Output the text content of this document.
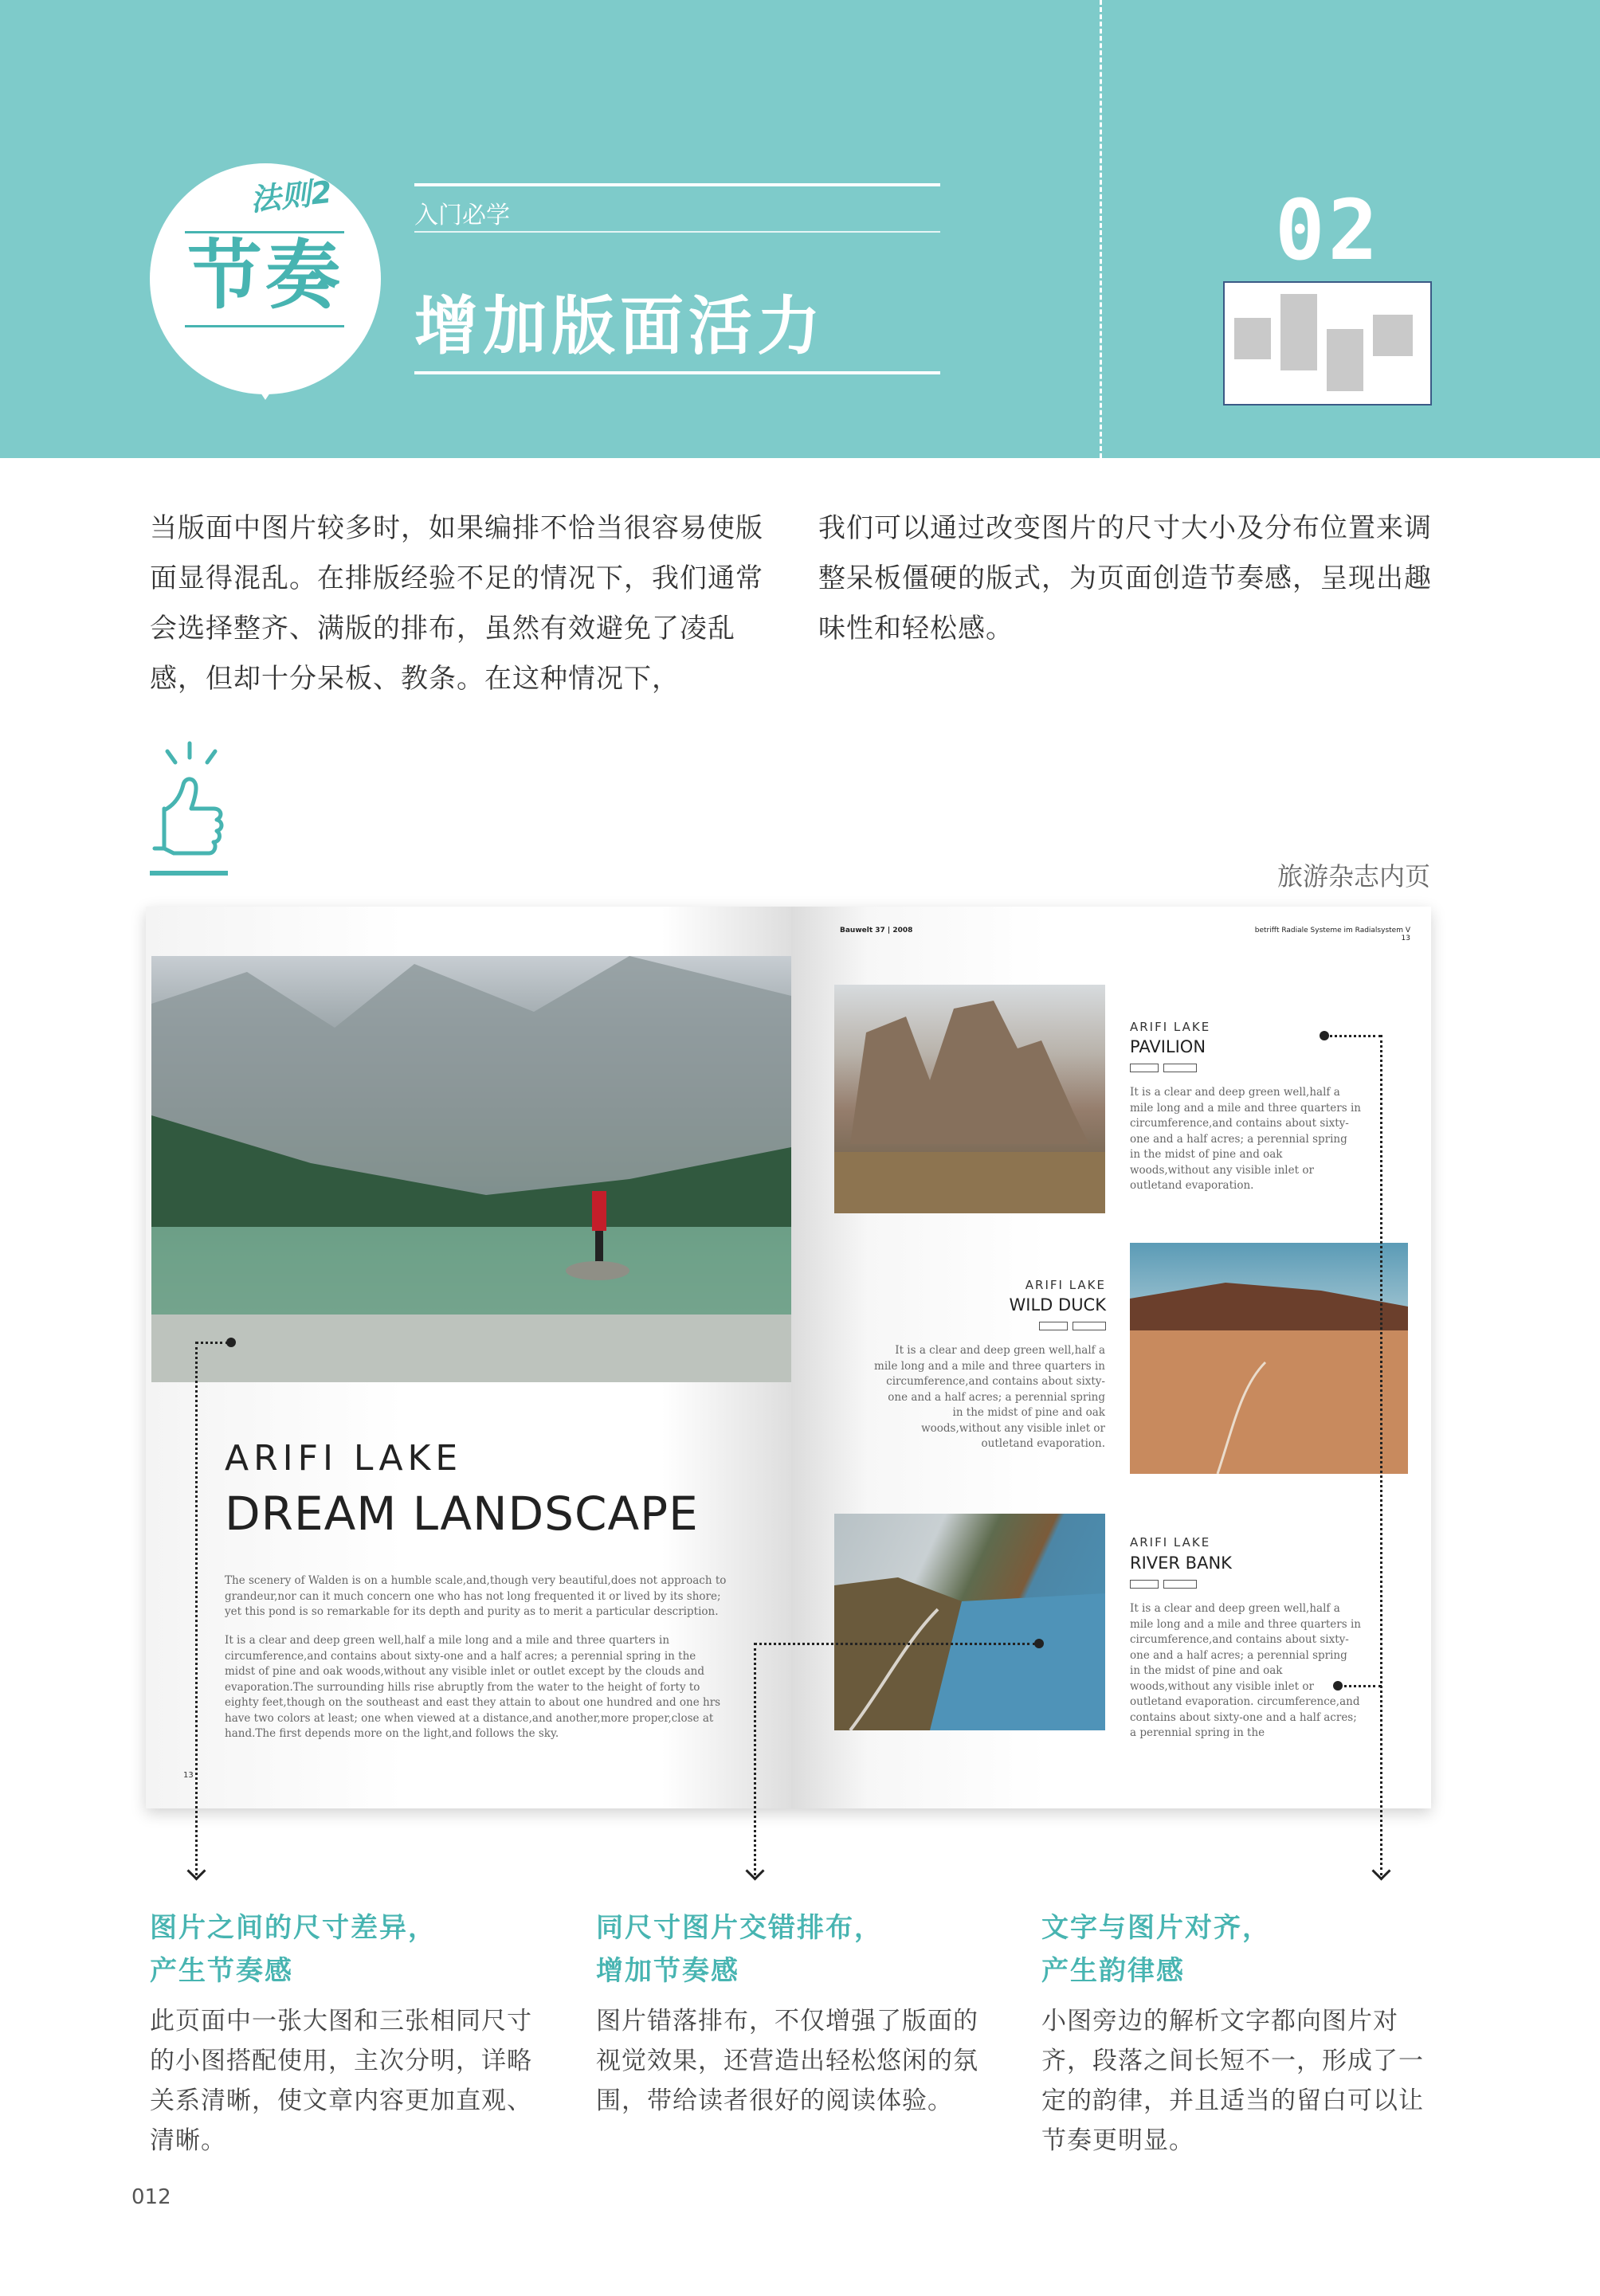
法则2
节奏
入门必学
增加版面活力
02
当版面中图片较多时，如果编排不恰当很容易使版面显得混乱。在排版经验不足的情况下，我们通常会选择整齐、满版的排布，虽然有效避免了凌乱感，但却十分呆板、教条。在这种情况下，
我们可以通过改变图片的尺寸大小及分布位置来调整呆板僵硬的版式，为页面创造节奏感，呈现出趣味性和轻松感。
旅游杂志内页
ARIFI LAKE
DREAM LANDSCAPE
The scenery of Walden is on a humble scale,and,though very beautiful,does not approach to grandeur,nor can it much concern one who has not long frequented it or lived by its shore; yet this pond is so remarkable for its depth and purity as to merit a particular description.
It is a clear and deep green well,half a mile long and a mile and three quarters in circumference,and contains about sixty-one and a half acres; a perennial spring in the midst of pine and oak woods,without any visible inlet or outlet except by the clouds and evaporation.The surrounding hills rise abruptly from the water to the height of forty to eighty feet,though on the southeast and east they attain to about one hundred and one hrs have two colors at least; one when viewed at a distance,and another,more proper,close at hand.The first depends more on the light,and follows the sky.
13
Bauwelt 37 | 2008	betrifft Radiale Systeme im Radialsystem V 13
ARIFI LAKE
PAVILION
It is a clear and deep green well,half a mile long and a mile and three quarters in circumference,and contains about sixty-one and a half acres; a perennial spring in the midst of pine and oak woods,without any visible inlet or outletand evaporation.
ARIFI LAKE
WILD DUCK
It is a clear and deep green well,half a mile long and a mile and three quarters in circumference,and contains about sixty-one and a half acres; a perennial spring in the midst of pine and oak woods,without any visible inlet or outletand evaporation.
ARIFI LAKE
RIVER BANK
It is a clear and deep green well,half a mile long and a mile and three quarters in circumference,and contains about sixty-one and a half acres; a perennial spring in the midst of pine and oak woods,without any visible inlet or outletand evaporation. circumference,and contains about sixty-one and a half acres; a perennial spring in the
图片之间的尺寸差异，
产生节奏感
此页面中一张大图和三张相同尺寸的小图搭配使用，主次分明，详略关系清晰，使文章内容更加直观、清晰。
同尺寸图片交错排布，
增加节奏感
图片错落排布，不仅增强了版面的视觉效果，还营造出轻松悠闲的氛围，带给读者很好的阅读体验。
文字与图片对齐，
产生韵律感
小图旁边的解析文字都向图片对齐，段落之间长短不一，形成了一定的韵律，并且适当的留白可以让节奏更明显。
012
